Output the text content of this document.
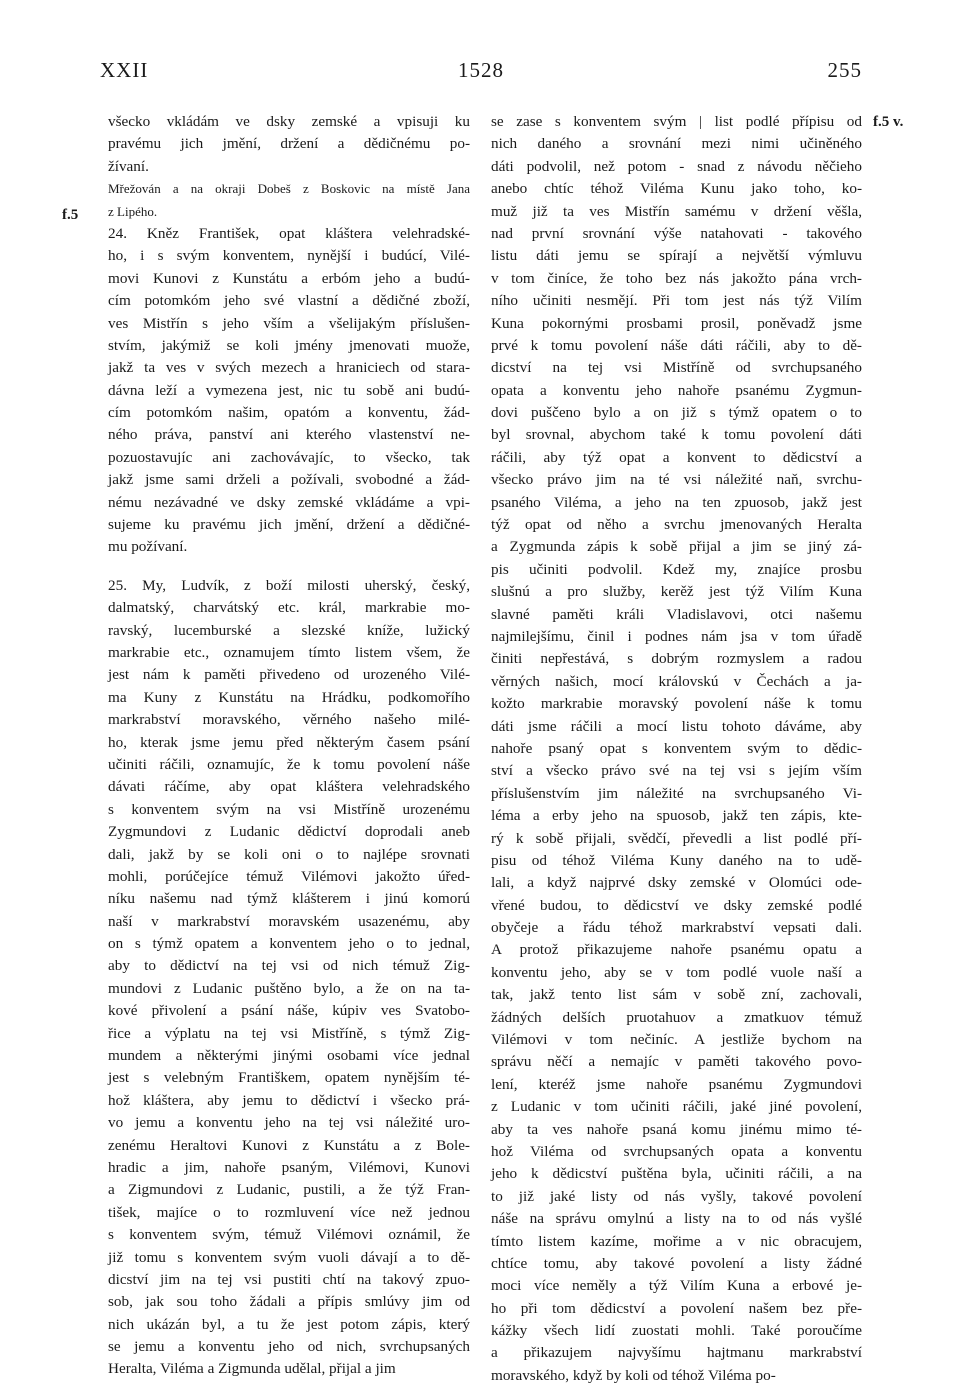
XXII	1528	255
f.5
f.5 v.
všecko vkládám ve dsky zemské a vpisuji ku
pravému jich jmění, držení a dědičnému po-
žívaní.
Mřežován a na okraji Dobeš z Boskovic na místě Jana
z Lipého.
24. Kněz František, opat kláštera velehradské-
ho, i s svým konventem, nynější i budúcí, Vilé-
movi Kunovi z Kunstátu a erbóm jeho a budú-
cím potomkóm jeho své vlastní a dědičné zboží,
ves Mistřín s jeho vším a všelijakým příslušen-
stvím, jakýmiž se koli jmény jmenovati muože,
jakž ta ves v svých mezech a hraniciech od stara-
dávna leží a vymezena jest, nic tu sobě ani budú-
cím potomkóm našim, opatóm a konventu, žád-
ného práva, panství ani kterého vlastenství ne-
pozuostavujíc ani zachovávajíc, to všecko, tak
jakž jsme sami drželi a požívali, svobodné a žád-
nému nezávadné ve dsky zemské vkládáme a vpi-
sujeme ku pravému jich jmění, držení a dědičné-
mu požívaní.
25. My, Ludvík, z boží milosti uherský, český,
dalmatský, charvátský etc. král, markrabie mo-
ravský, lucemburské a slezské kníže, lužický
markrabie etc., oznamujem tímto listem všem, že
jest nám k paměti přivedeno od urozeného Vilé-
ma Kuny z Kunstátu na Hrádku, podkomořího
markrabství moravského, věrného našeho milé-
ho, kterak jsme jemu před některým časem psání
učiniti ráčili, oznamujíc, že k tomu povolení náše
dávati ráčíme, aby opat kláštera velehradského
s konventem svým na vsi Mistříně urozenému
Zygmundovi z Ludanic dědictví doprodali aneb
dali, jakž by se koli oni o to najlépe srovnati
mohli, porúčejíce témuž Vilémovi jakožto úřed-
níku našemu nad týmž klášterem i jinú komorú
naší v markrabství moravském usazenému, aby
on s týmž opatem a konventem jeho o to jednal,
aby to dědictví na tej vsi od nich témuž Zig-
mundovi z Ludanic puštěno bylo, a že on na ta-
kové přivolení a psání náše, kúpiv ves Svatobo-
řice a výplatu na tej vsi Mistříně, s týmž Zig-
mundem a některými jinými osobami více jednal
jest s velebným Františkem, opatem nynějším té-
hož kláštera, aby jemu to dědictví i všecko prá-
vo jemu a konventu jeho na tej vsi náležité uro-
zenému Heraltovi Kunovi z Kunstátu a z Bole-
hradic a jim, nahoře psaným, Vilémovi, Kunovi
a Zigmundovi z Ludanic, pustili, a že týž Fran-
tišek, majíce o to rozmluvení více než jednou
s konventem svým, témuž Vilémovi oznámil, že
již tomu s konventem svým vuoli dávají a to dě-
dicství jim na tej vsi pustiti chtí na takový zpuo-
sob, jak sou toho žádali a přípis smlúvy jim od
nich ukázán byl, a tu že jest potom zápis, který
se jemu a konventu jeho od nich, svrchupsaných
Heralta, Viléma a Zigmunda udělal, přijal a jim
se zase s konventem svým | list podlé přípisu od
nich daného a srovnání mezi nimi učiněného
dáti podvolil, než potom - snad z návodu něčieho
anebo chtíc téhož Viléma Kunu jako toho, ko-
muž již ta ves Mistřín samému v držení věšla,
nad první srovnání výše natahovati - takového
listu dáti jemu se spírají a největší výmluvu
v tom činíce, že toho bez nás jakožto pána vrch-
ního učiniti nesmějí. Při tom jest nás týž Vilím
Kuna pokornými prosbami prosil, poněvadž jsme
prvé k tomu povolení náše dáti ráčili, aby to dě-
dicství na tej vsi Mistříně od svrchupsaného
opata a konventu jeho nahoře psanému Zygmun-
dovi puščeno bylo a on již s týmž opatem o to
byl srovnal, abychom také k tomu povolení dáti
ráčili, aby týž opat a konvent to dědicství a
všecko právo jim na té vsi náležité naň, svrchu-
psaného Viléma, a jeho na ten zpuosob, jakž jest
týž opat od něho a svrchu jmenovaných Heralta
a Zygmunda zápis k sobě přijal a jim se jiný zá-
pis učiniti podvolil. Kdež my, znajíce prosbu
slušnú a pro služby, kerěž jest týž Vilím Kuna
slavné paměti králi Vladislavovi, otci našemu
najmilejšímu, činil i podnes nám jsa v tom úřadě
činiti nepřestává, s dobrým rozmyslem a radou
věrných našich, mocí královskú v Čechách a ja-
kožto markrabie moravský povolení náše k tomu
dáti jsme ráčili a mocí listu tohoto dáváme, aby
nahoře psaný opat s konventem svým to dědic-
ství a všecko právo své na tej vsi s jejím vším
příslušenstvím jim náležité na svrchupsaného Vi-
léma a erby jeho na spuosob, jakž ten zápis, kte-
rý k sobě přijali, svědčí, převedli a list podlé pří-
pisu od téhož Viléma Kuny daného na to udě-
lali, a když najprvé dsky zemské v Olomúci ode-
vřené budou, to dědicství ve dsky zemské podlé
obyčeje a řádu téhož markrabství vepsati dali.
A protož přikazujeme nahoře psanému opatu a
konventu jeho, aby se v tom podlé vuole naší a
tak, jakž tento list sám v sobě zní, zachovali,
žádných delších pruotahuov a zmatkuov témuž
Vilémovi v tom nečiníc. A jestliže bychom na
správu něčí a nemajíc v paměti takového povo-
lení, kteréž jsme nahoře psanému Zygmundovi
z Ludanic v tom učiniti ráčili, jaké jiné povolení,
aby ta ves nahoře psaná komu jinému mimo té-
hož Viléma od svrchupsaných opata a konventu
jeho k dědicství puštěna byla, učiniti ráčili, a na
to již jaké listy od nás vyšly, takové povolení
náše na správu omylnú a listy na to od nás vyšlé
tímto listem kazíme, mořime a v nic obracujem,
chtíce tomu, aby takové povolení a listy žádné
moci více neměly a týž Vilím Kuna a erbové je-
ho při tom dědicství a povolení našem bez pře-
kážky všech lidí zuostati mohli. Také poroučíme
a přikazujem najvyšímu hajtmanu markrabství
moravského, když by koli od téhož Viléma po-
